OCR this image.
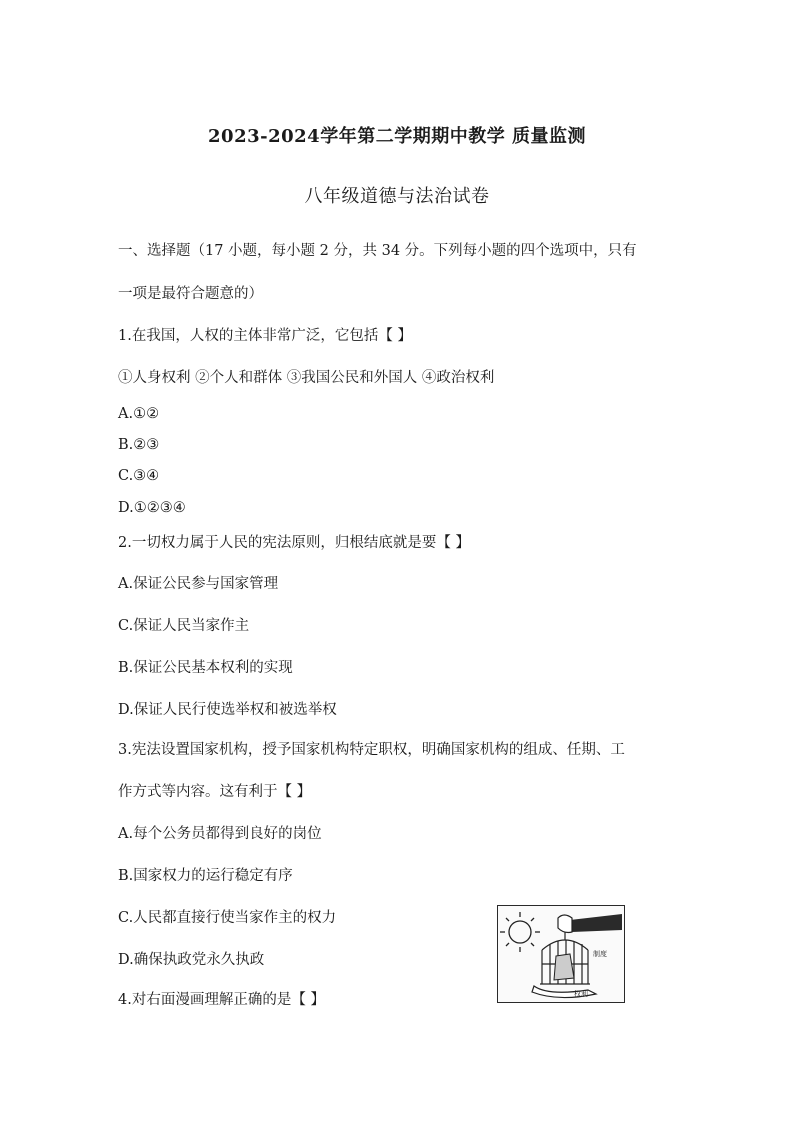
2023-2024学年第二学期期中教学 质量监测
八年级道德与法治试卷
一、选择题（17 小题，每小题 2 分，共 34 分。下列每小题的四个选项中，只有
一项是最符合题意的）
1.在我国，人权的主体非常广泛，它包括【 】
①人身权利 ②个人和群体 ③我国公民和外国人 ④政治权利
A.①②
B.②③
C.③④
D.①②③④
2.一切权力属于人民的宪法原则，归根结底就是要【 】
A.保证公民参与国家管理
C.保证人民当家作主
B.保证公民基本权利的实现
D.保证人民行使选举权和被选举权
3.宪法设置国家机构，授予国家机构特定职权，明确国家机构的组成、任期、工
作方式等内容。这有利于【 】
A.每个公务员都得到良好的岗位
B.国家权力的运行稳定有序
C.人民都直接行使当家作主的权力
D.确保执政党永久执政
4.对右面漫画理解正确的是【 】
制度
权利
